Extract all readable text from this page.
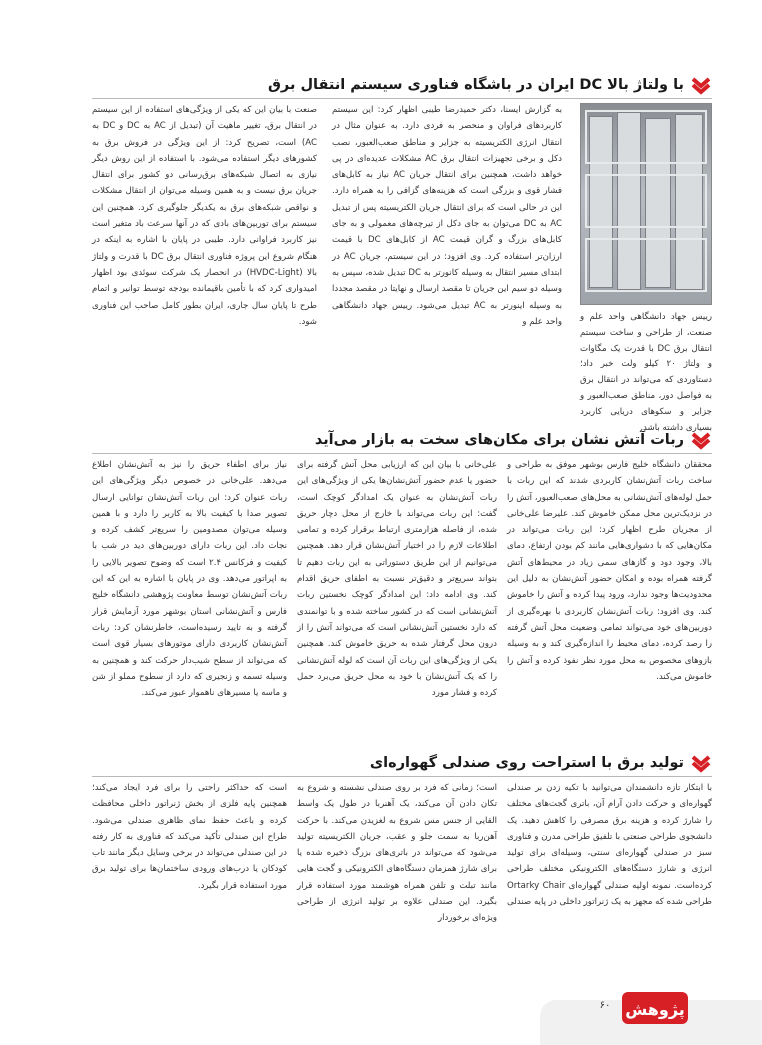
با ولتاژ بالا DC ایران در باشگاه فناوری سیستم انتقال برق
رییس جهاد دانشگاهی واحد علم و صنعت، از طراحی و ساخت سیستم انتقال برق DC با قدرت یک مگاوات و ولتاژ ۲۰ کیلو ولت خبر داد؛ دستاوردی که می‌تواند در انتقال برق به فواصل دور، مناطق صعب‌العبور و جزایر و سکوهای دریایی کاربرد بسیاری داشته باشد.
به گزارش ایسنا، دکتر حمیدرضا طیبی اظهار کرد: این سیستم کاربردهای فراوان و منحصر به فردی دارد. به عنوان مثال در انتقال انرژی الکتریسیته به جزایر و مناطق صعب‌العبور، نصب دکل و برخی تجهیزات انتقال برق AC مشکلات عدیده‌ای در پی خواهد داشت، همچنین برای انتقال جریان AC نیاز به کابل‌های فشار قوی و بزرگی است که هزینه‌های گزافی را به همراه دارد. این در حالی است که برای انتقال جریان الکتریسیته پس از تبدیل AC به DC می‌توان به جای دکل از تیرچه‌های معمولی و به جای کابل‌های بزرگ و گران قیمت AC از کابل‌های DC با قیمت ارزان‌تر استفاده کرد. وی افزود: در این سیستم، جریان AC در ابتدای مسیر انتقال به وسیله کانورتر به DC تبدیل شده، سپس به وسیله دو سیم این جریان تا مقصد ارسال و نهایتا در مقصد مجددا به وسیله اینورتر به AC تبدیل می‌شود. رییس جهاد دانشگاهی واحد علم و
صنعت با بیان این که یکی از ویژگی‌های استفاده از این سیستم در انتقال برق، تغییر ماهیت آن (تبدیل از AC به DC و DC به AC) است، تصریح کرد: از این ویژگی در فروش برق به کشورهای دیگر استفاده می‌شود. با استفاده از این روش دیگر نیازی به اتصال شبکه‌های برق‌رسانی دو کشور برای انتقال جریان برق نیست و به همین وسیله می‌توان از انتقال مشکلات و نواقص شبکه‌های برق به یکدیگر جلوگیری کرد. همچنین این سیستم برای توربین‌های بادی که در آنها سرعت باد متغیر است نیز کاربرد فراوانی دارد. طیبی در پایان با اشاره به اینکه در هنگام شروع این پروژه فناوری انتقال برق DC با قدرت و ولتاژ بالا (HVDC-Light) در انحصار یک شرکت سوئدی بود اظهار امیدواری کرد که با تأمین باقیمانده بودجه توسط توانیر و اتمام طرح تا پایان سال جاری، ایران بطور کامل صاحب این فناوری شود.
ربات آتش نشان برای مکان‌های سخت به بازار می‌آید
محققان دانشگاه خلیج فارس بوشهر موفق به طراحی و ساخت ربات آتش‌نشان کاربردی شدند که این ربات با حمل لوله‌های آتش‌نشانی به محل‌های صعب‌العبور، آتش را در نزدیک‌ترین محل ممکن خاموش کند. علیرضا علی‌خانی از مجریان طرح اظهار کرد: این ربات می‌تواند در مکان‌هایی که با دشواری‌هایی مانند کم بودن ارتفاع، دمای بالا، وجود دود و گازهای سمی زیاد در محیط‌های آتش گرفته همراه بوده و امکان حضور آتش‌نشان به دلیل این محدودیت‌ها وجود ندارد، ورود پیدا کرده و آتش را خاموش کند. وی افزود: ربات آتش‌نشان کاربردی با بهره‌گیری از دوربین‌های خود می‌تواند تمامی وضعیت محل آتش گرفته را رصد کرده، دمای محیط را اندازه‌گیری کند و به وسیله بازوهای مخصوص به محل مورد نظر نفوذ کرده و آتش را خاموش می‌کند.
علی‌خانی با بیان این که ارزیابی محل آتش گرفته برای حضور یا عدم حضور آتش‌نشان‌ها یکی از ویژگی‌های این ربات آتش‌نشان به عنوان یک امدادگر کوچک است، گفت: این ربات می‌تواند با خارج از محل دچار حریق شده، از فاصله هزارمتری ارتباط برقرار کرده و تمامی اطلاعات لازم را در اختیار آتش‌نشان قرار دهد. همچنین می‌توانیم از این طریق دستوراتی به این ربات دهیم تا بتواند سریع‌تر و دقیق‌تر نسبت به اطفای حریق اقدام کند. وی ادامه داد: این امدادگر کوچک نخستین ربات آتش‌نشانی است که در کشور ساخته شده و با توانمندی که دارد نخستین آتش‌نشانی است که می‌تواند آتش را از درون محل گرفتار شده به حریق خاموش کند. همچنین یکی از ویژگی‌های این ربات آن است که لوله آتش‌نشانی را که یک آتش‌نشان با خود به محل حریق می‌برد حمل کرده و فشار مورد
نیاز برای اطفاء حریق را نیز به آتش‌نشان اطلاع می‌دهد. علی‌خانی در خصوص دیگر ویژگی‌های این ربات عنوان کرد: این ربات آتش‌نشان توانایی ارسال تصویر صدا با کیفیت بالا به کاربر را دارد و با همین وسیله می‌توان مصدومین را سریع‌تر کشف کرده و نجات داد. این ربات دارای دوربین‌های دید در شب با کیفیت و فرکانس ۲.۴ است که وضوح تصویر بالایی را به اپراتور می‌دهد. وی در پایان با اشاره به این که این ربات آتش‌نشان توسط معاونت پژوهشی دانشگاه خلیج فارس و آتش‌نشانی استان بوشهر مورد آزمایش قرار گرفته و به تایید رسیده‌است، خاطرنشان کرد: ربات آتش‌نشان کاربردی دارای موتورهای بسیار قوی است که می‌تواند از سطح شیب‌دار حرکت کند و همچنین به وسیله تسمه و زنجیری که دارد از سطوح مملو از شن و ماسه یا مسیرهای ناهموار عبور می‌کند.
تولید برق با استراحت روی صندلی گهواره‌ای
با ابتکار تازه دانشمندان می‌توانید با تکیه زدن بر صندلی گهواره‌ای و حرکت دادن آرام آن، باتری گجت‌های مختلف را شارژ کرده و هزینه برق مصرفی را کاهش دهید. یک دانشجوی طراحی صنعتی با تلفیق طراحی مدرن و فناوری سبز در صندلی گهواره‌ای سنتی، وسیله‌ای برای تولید انرژی و شارژ دستگاه‌های الکترونیکی مختلف طراحی کرده‌است. نمونه اولیه صندلی گهواره‌ای Ortarky Chair طراحی شده که مجهز به یک ژنراتور داخلی در پایه صندلی
است؛ زمانی که فرد بر روی صندلی نشسته و شروع به تکان دادن آن می‌کند، یک آهنربا در طول یک واسط القایی از جنس مس شروع به لغزیدن می‌کند. با حرکت آهن‌ربا به سمت جلو و عقب، جریان الکتریسیته تولید می‌شود که می‌تواند در باتری‌های بزرگ ذخیره شده یا برای شارژ همزمان دستگاه‌های الکترونیکی و گجت هایی مانند تبلت و تلفن همراه هوشمند مورد استفاده قرار بگیرد. این صندلی علاوه بر تولید انرژی از طراحی ویژه‌ای برخوردار
است که حداکثر راحتی را برای فرد ایجاد می‌کند؛ همچنین پایه فلزی از بخش ژنراتور داخلی محافظت کرده و باعث حفظ نمای ظاهری صندلی می‌شود. طراح این صندلی تأکید می‌کند که فناوری به کار رفته در این صندلی می‌تواند در برخی وسایل دیگر مانند تاب کودکان یا درب‌های ورودی ساختمان‌ها برای تولید برق مورد استفاده قرار بگیرد.
۶۰ پژوهش
